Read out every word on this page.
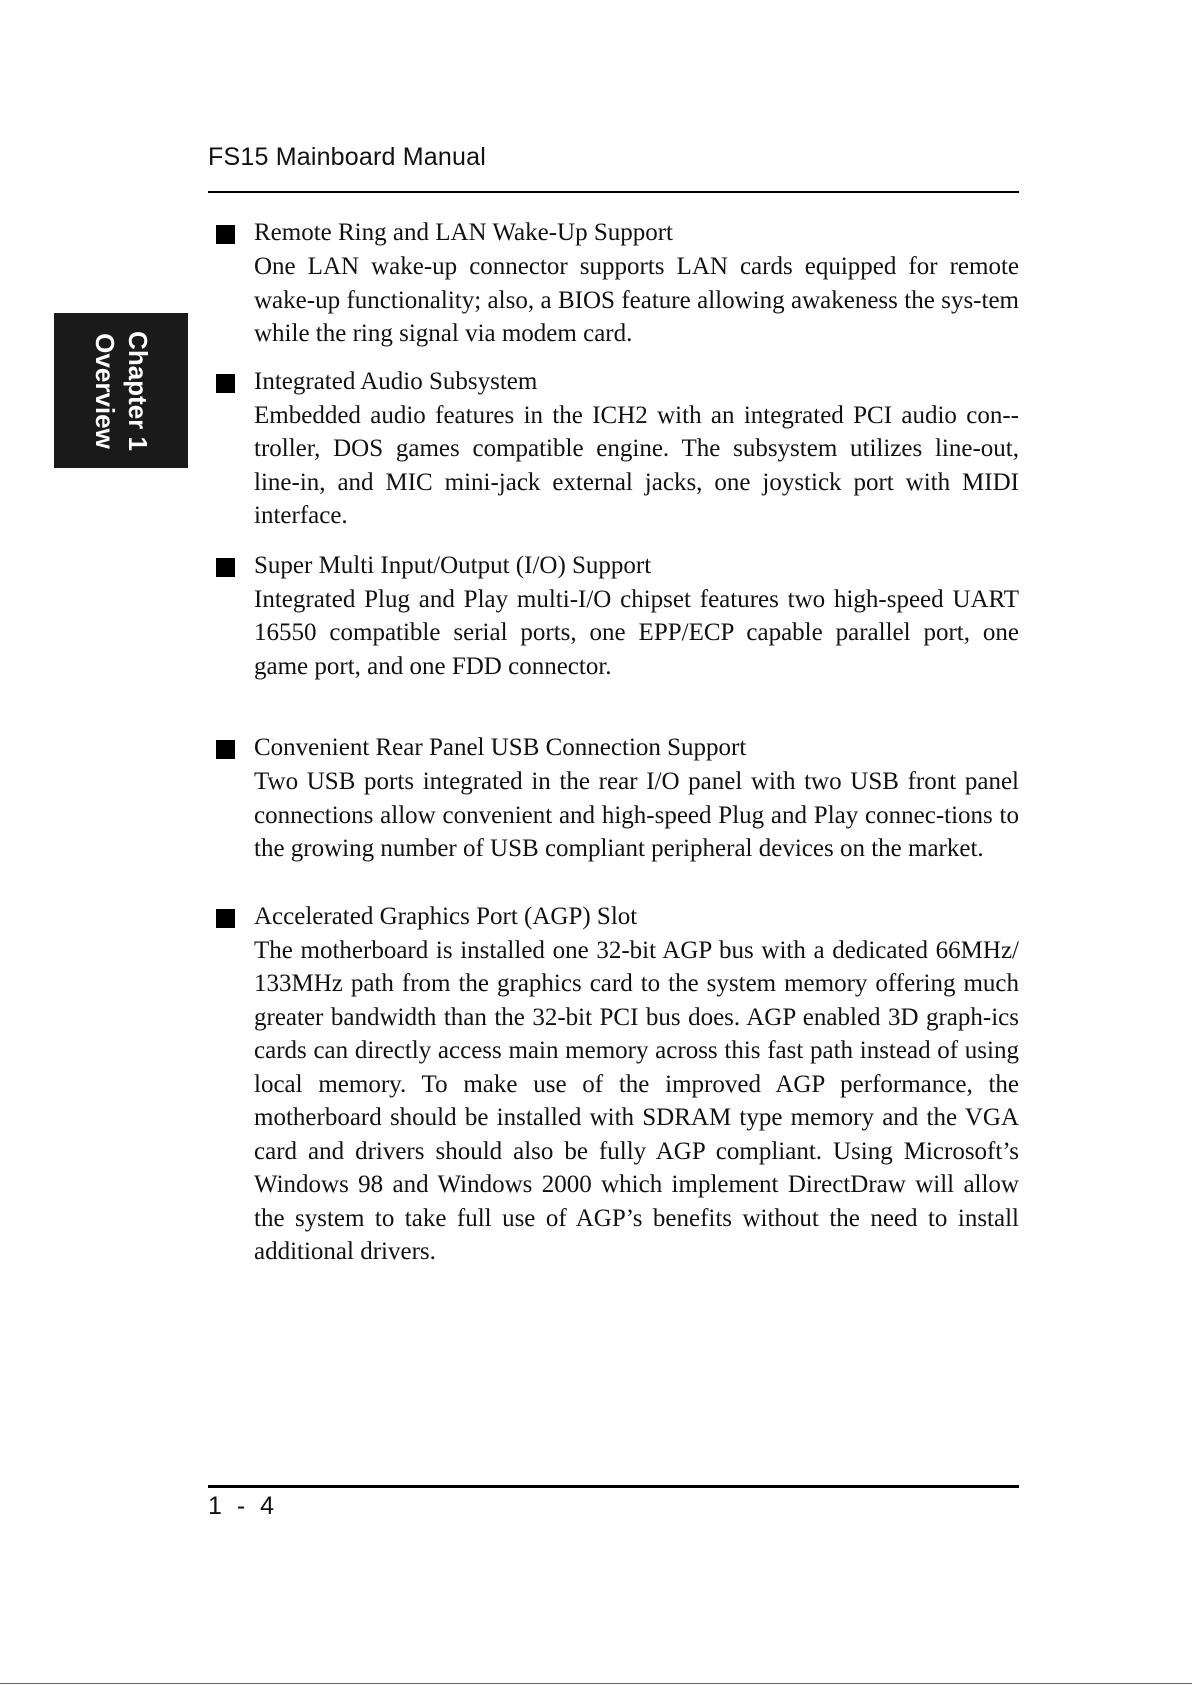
FS15 Mainboard Manual
Chapter 1
Overview
Remote Ring and LAN Wake-Up Support
One LAN wake-up connector supports LAN cards equipped for remote wake-up functionality; also, a BIOS feature allowing awakeness the sys-tem while the ring signal via modem card.
Integrated Audio Subsystem
Embedded audio features in the ICH2 with an integrated PCI audio con-troller, DOS games compatible engine. The subsystem utilizes line-out, line-in, and MIC mini-jack external jacks, one joystick port with MIDI interface.
Super Multi Input/Output (I/O) Support
Integrated Plug and Play multi-I/O chipset features two high-speed UART 16550 compatible serial ports, one EPP/ECP capable parallel port, one game port, and one FDD connector.
Convenient Rear Panel USB Connection Support
Two USB ports integrated in the rear I/O panel with two USB front panel connections allow convenient and high-speed Plug and Play connec-tions to the growing number of USB compliant peripheral devices on the market.
Accelerated Graphics Port (AGP) Slot
The motherboard is installed one 32-bit AGP bus with a dedicated 66MHz/ 133MHz path from the graphics card to the system memory offering much greater bandwidth than the 32-bit PCI bus does. AGP enabled 3D graph-ics cards can directly access main memory across this fast path instead of using local memory. To make use of the improved AGP performance, the motherboard should be installed with SDRAM type memory and the VGA card and drivers should also be fully AGP compliant. Using Microsoft’s Windows 98 and Windows 2000 which implement DirectDraw will allow the system to take full use of AGP’s benefits without the need to install additional drivers.
1 - 4
